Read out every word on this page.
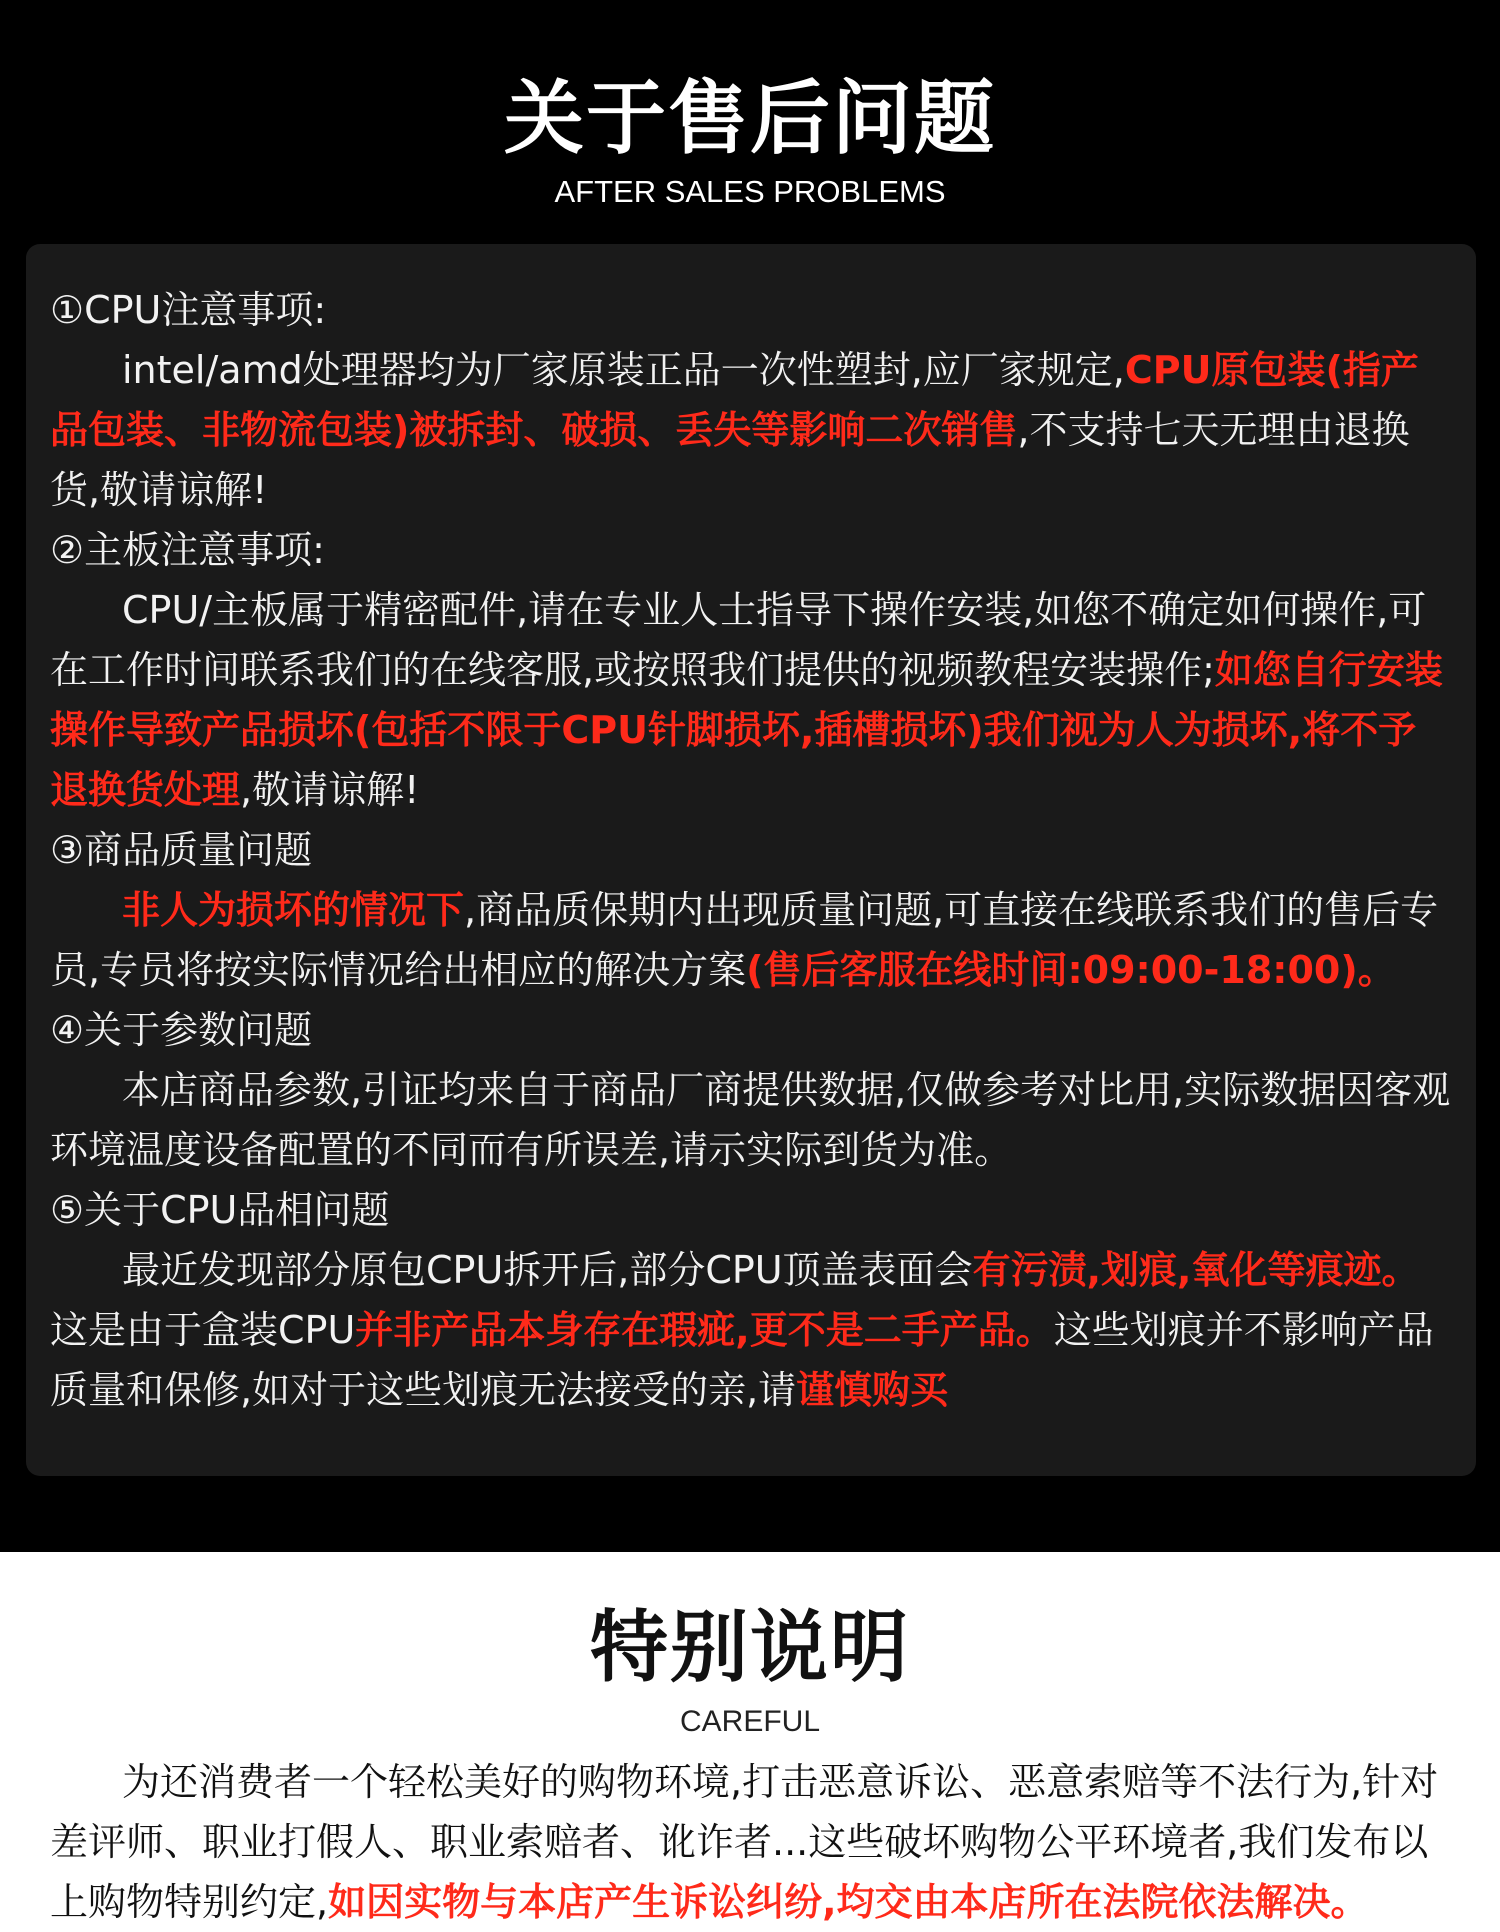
关于售后问题
AFTER SALES PROBLEMS

①CPU注意事项:

intel/amd处理器均为厂家原装正品一次性塑封,应厂家规定,CPU原包装(指产品包装、非物流包装)被拆封、破损、丢失等影响二次销售,不支持七天无理由退换货,敬请谅解!

②主板注意事项:

CPU/主板属于精密配件,请在专业人士指导下操作安装,如您不确定如何操作,可在工作时间联系我们的在线客服,或按照我们提供的视频教程安装操作;如您自行安装操作导致产品损坏(包括不限于CPU针脚损坏,插槽损坏)我们视为人为损坏,将不予退换货处理,敬请谅解!

③商品质量问题

非人为损坏的情况下,商品质保期内出现质量问题,可直接在线联系我们的售后专员,专员将按实际情况给出相应的解决方案(售后客服在线时间:09:00-18:00)。

④关于参数问题

本店商品参数,引证均来自于商品厂商提供数据,仅做参考对比用,实际数据因客观环境温度设备配置的不同而有所误差,请示实际到货为准。

⑤关于CPU品相问题

最近发现部分原包CPU拆开后,部分CPU顶盖表面会有污渍,划痕,氧化等痕迹。这是由于盒装CPU并非产品本身存在瑕疵,更不是二手产品。这些划痕并不影响产品质量和保修,如对于这些划痕无法接受的亲,请谨慎购买

特别说明
CAREFUL

为还消费者一个轻松美好的购物环境,打击恶意诉讼、恶意索赔等不法行为,针对差评师、职业打假人、职业索赔者、讹诈者...这些破坏购物公平环境者,我们发布以上购物特别约定,如因实物与本店产生诉讼纠纷,均交由本店所在法院依法解决。
